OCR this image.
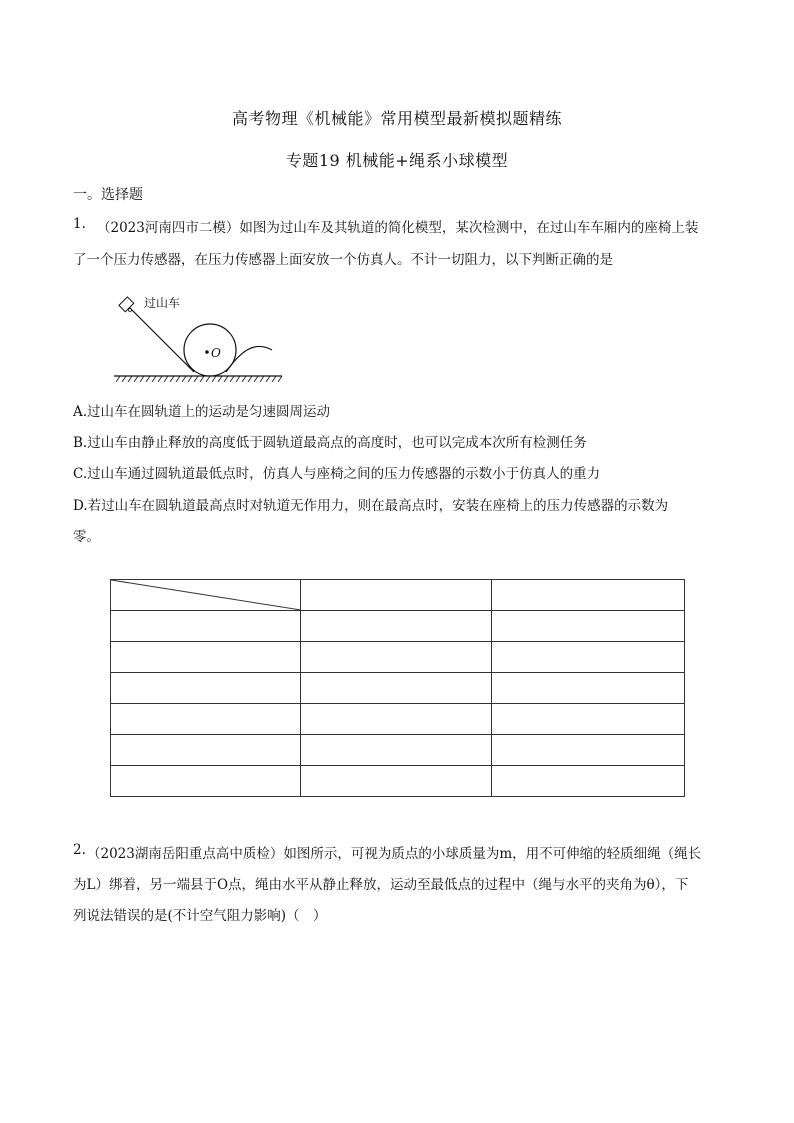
高考物理《机械能》常用模型最新模拟题精练
专题19 机械能+绳系小球模型
一。选择题
1. （2023河南四市二模）如图为过山车及其轨道的简化模型，某次检测中，在过山车车厢内的座椅上装
了一个压力传感器，在压力传感器上面安放一个仿真人。不计一切阻力，以下判断正确的是
过山车
O
A.过山车在圆轨道上的运动是匀速圆周运动
B.过山车由静止释放的高度低于圆轨道最高点的高度时，也可以完成本次所有检测任务
C.过山车通过圆轨道最低点时，仿真人与座椅之间的压力传感器的示数小于仿真人的重力
D.若过山车在圆轨道最高点时对轨道无作用力，则在最高点时，安装在座椅上的压力传感器的示数为
零。

2. （2023湖南岳阳重点高中质检）如图所示，可视为质点的小球质量为m，用不可伸缩的轻质细绳（绳长
为L）绑着，另一端县于O点，绳由水平从静止释放，运动至最低点的过程中（绳与水平的夹角为θ），下
列说法错误的是(不计空气阻力影响)（　）
